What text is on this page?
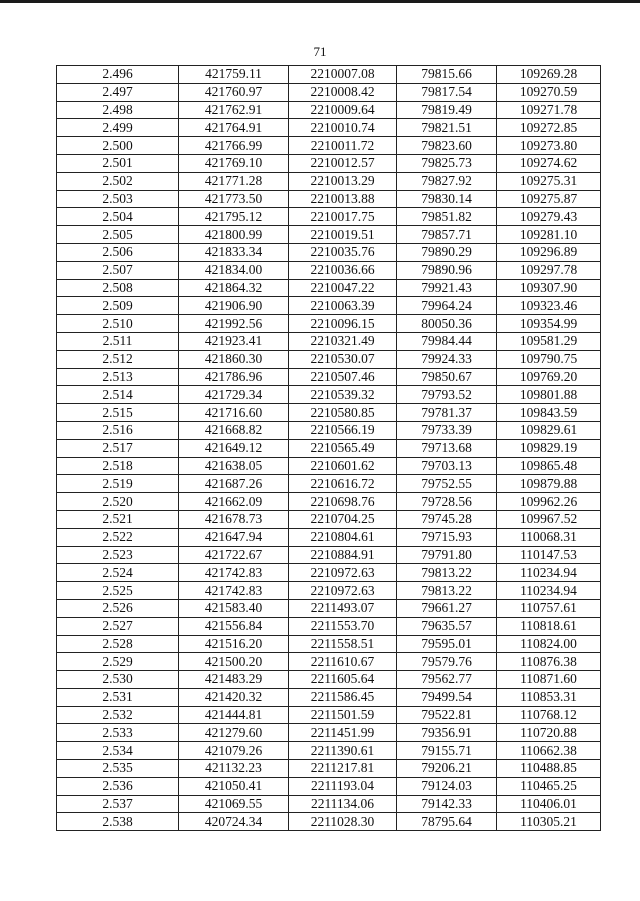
71
2.496	421759.11	2210007.08	79815.66	109269.28
2.497	421760.97	2210008.42	79817.54	109270.59
2.498	421762.91	2210009.64	79819.49	109271.78
2.499	421764.91	2210010.74	79821.51	109272.85
2.500	421766.99	2210011.72	79823.60	109273.80
2.501	421769.10	2210012.57	79825.73	109274.62
2.502	421771.28	2210013.29	79827.92	109275.31
2.503	421773.50	2210013.88	79830.14	109275.87
2.504	421795.12	2210017.75	79851.82	109279.43
2.505	421800.99	2210019.51	79857.71	109281.10
2.506	421833.34	2210035.76	79890.29	109296.89
2.507	421834.00	2210036.66	79890.96	109297.78
2.508	421864.32	2210047.22	79921.43	109307.90
2.509	421906.90	2210063.39	79964.24	109323.46
2.510	421992.56	2210096.15	80050.36	109354.99
2.511	421923.41	2210321.49	79984.44	109581.29
2.512	421860.30	2210530.07	79924.33	109790.75
2.513	421786.96	2210507.46	79850.67	109769.20
2.514	421729.34	2210539.32	79793.52	109801.88
2.515	421716.60	2210580.85	79781.37	109843.59
2.516	421668.82	2210566.19	79733.39	109829.61
2.517	421649.12	2210565.49	79713.68	109829.19
2.518	421638.05	2210601.62	79703.13	109865.48
2.519	421687.26	2210616.72	79752.55	109879.88
2.520	421662.09	2210698.76	79728.56	109962.26
2.521	421678.73	2210704.25	79745.28	109967.52
2.522	421647.94	2210804.61	79715.93	110068.31
2.523	421722.67	2210884.91	79791.80	110147.53
2.524	421742.83	2210972.63	79813.22	110234.94
2.525	421742.83	2210972.63	79813.22	110234.94
2.526	421583.40	2211493.07	79661.27	110757.61
2.527	421556.84	2211553.70	79635.57	110818.61
2.528	421516.20	2211558.51	79595.01	110824.00
2.529	421500.20	2211610.67	79579.76	110876.38
2.530	421483.29	2211605.64	79562.77	110871.60
2.531	421420.32	2211586.45	79499.54	110853.31
2.532	421444.81	2211501.59	79522.81	110768.12
2.533	421279.60	2211451.99	79356.91	110720.88
2.534	421079.26	2211390.61	79155.71	110662.38
2.535	421132.23	2211217.81	79206.21	110488.85
2.536	421050.41	2211193.04	79124.03	110465.25
2.537	421069.55	2211134.06	79142.33	110406.01
2.538	420724.34	2211028.30	78795.64	110305.21
